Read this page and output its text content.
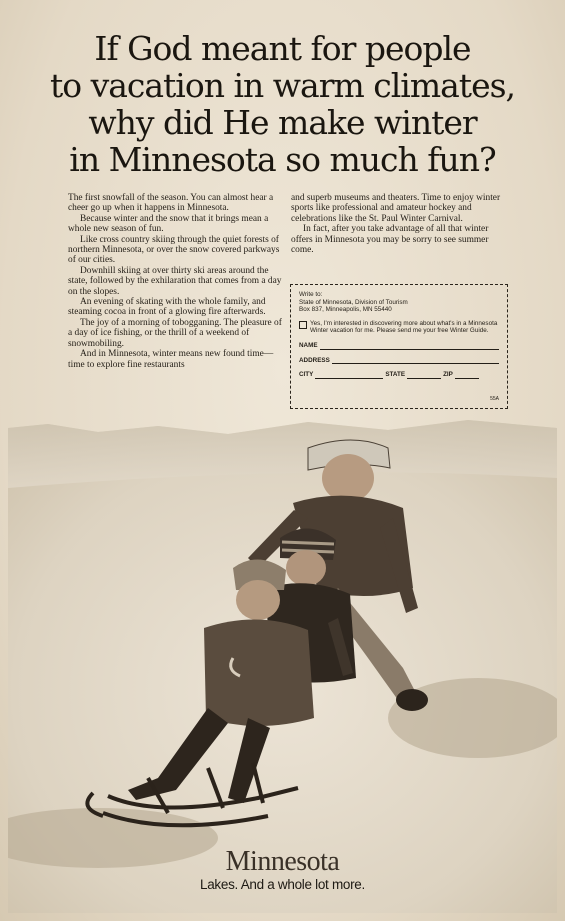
If God meant for people
to vacation in warm climates,
why did He make winter
in Minnesota so much fun?

The first snowfall of the season. You can almost hear a cheer go up when it happens in Minnesota.

Because winter and the snow that it brings mean a whole new season of fun.

Like cross country skiing through the quiet forests of northern Minnesota, or over the snow covered parkways of our cities.

Downhill skiing at over thirty ski areas around the state, followed by the exhilaration that comes from a day on the slopes.

An evening of skating with the whole family, and steaming cocoa in front of a glowing fire afterwards.

The joy of a morning of tobogganing. The pleasure of a day of ice fishing, or the thrill of a weekend of snowmobiling.

And in Minnesota, winter means new found time—time to explore fine restaurants

and superb museums and theaters. Time to enjoy winter sports like professional and amateur hockey and celebrations like the St. Paul Winter Carnival.

In fact, after you take advantage of all that winter offers in Minnesota you may be sorry to see summer come.

Write to:
State of Minnesota, Division of Tourism
Box 837, Minneapolis, MN 55440
Yes, I'm interested in discovering more about what's in a Minnesota Winter vacation for me. Please send me your free Winter Guide.
NAME
ADDRESS
CITY	STATE	ZIP
55A
Minnesota
Lakes. And a whole lot more.
